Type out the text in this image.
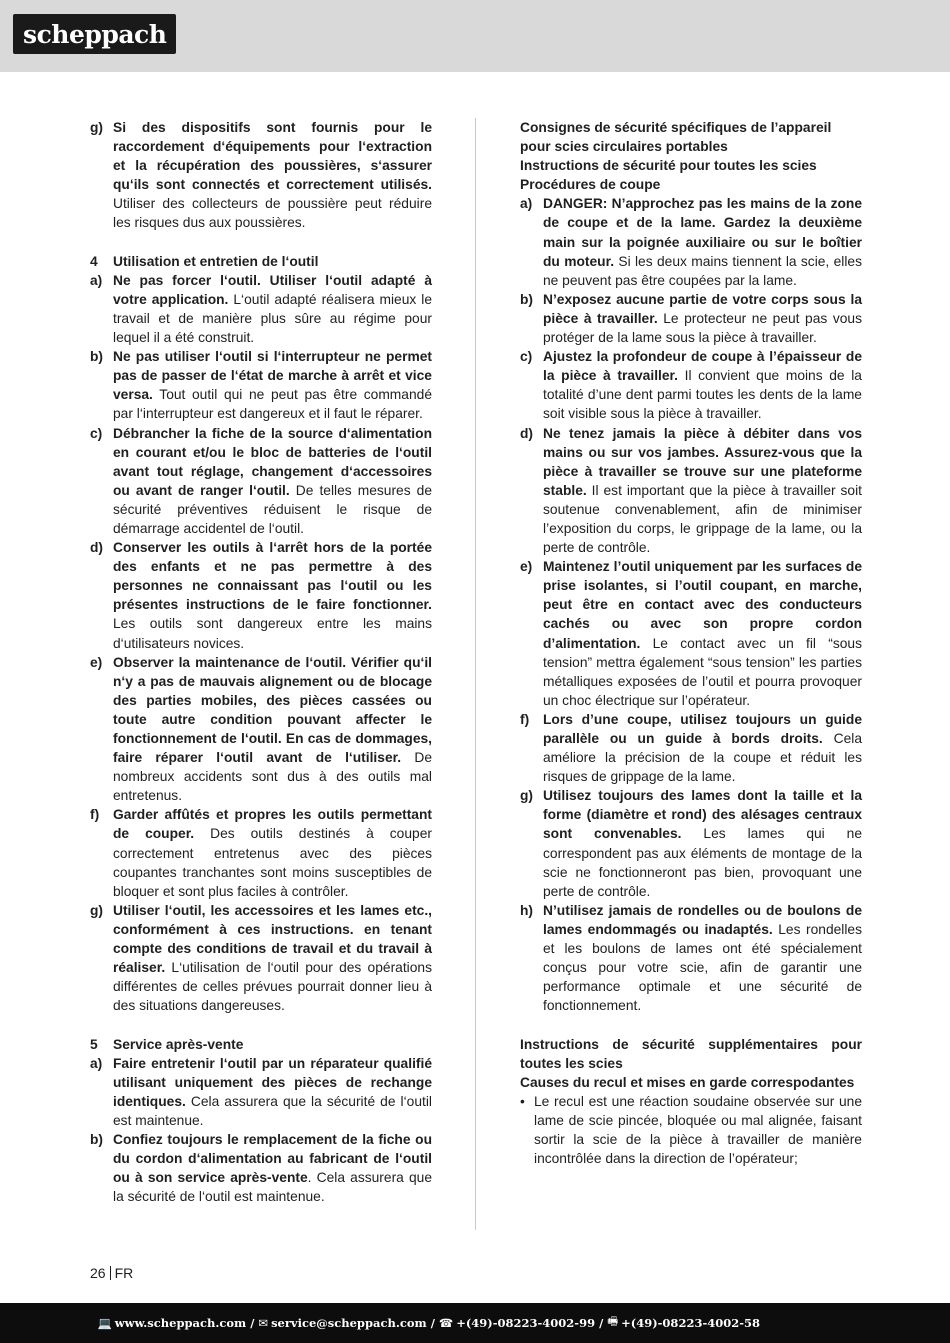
scheppach
g) Si des dispositifs sont fournis pour le raccordement d‘équipements pour l‘extraction et la récupération des poussières, s‘assurer qu‘ils sont connectés et correctement utilisés. Utiliser des collecteurs de poussière peut réduire les risques dus aux poussières.
4	Utilisation et entretien de l‘outil
a) Ne pas forcer l‘outil. Utiliser l‘outil adapté à votre application. L‘outil adapté réalisera mieux le travail et de manière plus sûre au régime pour lequel il a été construit.
b) Ne pas utiliser l‘outil si l‘interrupteur ne permet pas de passer de l‘état de marche à arrêt et vice versa. Tout outil qui ne peut pas être commandé par l‘interrupteur est dangereux et il faut le réparer.
c) Débrancher la fiche de la source d‘alimentation en courant et/ou le bloc de batteries de l‘outil avant tout réglage, changement d‘accessoires ou avant de ranger l‘outil. De telles mesures de sécurité préventives réduisent le risque de démarrage accidentel de l‘outil.
d) Conserver les outils à l‘arrêt hors de la portée des enfants et ne pas permettre à des personnes ne connaissant pas l‘outil ou les présentes instructions de le faire fonctionner. Les outils sont dangereux entre les mains d‘utilisateurs novices.
e) Observer la maintenance de l‘outil. Vérifier qu‘il n‘y a pas de mauvais alignement ou de blocage des parties mobiles, des pièces cassées ou toute autre condition pouvant affecter le fonctionnement de l‘outil. En cas de dommages, faire réparer l‘outil avant de l‘utiliser. De nombreux accidents sont dus à des outils mal entretenus.
f) Garder affûtés et propres les outils permettant de couper. Des outils destinés à couper correctement entretenus avec des pièces coupantes tranchantes sont moins susceptibles de bloquer et sont plus faciles à contrôler.
g) Utiliser l‘outil, les accessoires et les lames etc., conformément à ces instructions. en tenant compte des conditions de travail et du travail à réaliser. L‘utilisation de l‘outil pour des opérations différentes de celles prévues pourrait donner lieu à des situations dangereuses.
5	Service après-vente
a) Faire entretenir l‘outil par un réparateur qualifié utilisant uniquement des pièces de rechange identiques. Cela assurera que la sécurité de l‘outil est maintenue.
b) Confiez toujours le remplacement de la fiche ou du cordon d‘alimentation au fabricant de l‘outil ou à son service après-vente. Cela assurera que la sécurité de l‘outil est maintenue.
Consignes de sécurité spécifiques de l’appareil pour scies circulaires portables
Instructions de sécurité pour toutes les scies
Procédures de coupe
a) DANGER: N’approchez pas les mains de la zone de coupe et de la lame. Gardez la deuxième main sur la poignée auxiliaire ou sur le boîtier du moteur. Si les deux mains tiennent la scie, elles ne peuvent pas être coupées par la lame.
b) N’exposez aucune partie de votre corps sous la pièce à travailler. Le protecteur ne peut pas vous protéger de la lame sous la pièce à travailler.
c) Ajustez la profondeur de coupe à l’épaisseur de la pièce à travailler. Il convient que moins de la totalité d’une dent parmi toutes les dents de la lame soit visible sous la pièce à travailler.
d) Ne tenez jamais la pièce à débiter dans vos mains ou sur vos jambes. Assurez-vous que la pièce à travailler se trouve sur une plateforme stable. Il est important que la pièce à travailler soit soutenue convenablement, afin de minimiser l’exposition du corps, le grippage de la lame, ou la perte de contrôle.
e) Maintenez l’outil uniquement par les surfaces de prise isolantes, si l’outil coupant, en marche, peut être en contact avec des conducteurs cachés ou avec son propre cordon d’alimentation. Le contact avec un fil “sous tension” mettra également “sous tension” les parties métalliques exposées de l’outil et pourra provoquer un choc électrique sur l’opérateur.
f) Lors d’une coupe, utilisez toujours un guide parallèle ou un guide à bords droits. Cela améliore la précision de la coupe et réduit les risques de grippage de la lame.
g) Utilisez toujours des lames dont la taille et la forme (diamètre et rond) des alésages centraux sont convenables. Les lames qui ne correspondent pas aux éléments de montage de la scie ne fonctionneront pas bien, provoquant une perte de contrôle.
h) N’utilisez jamais de rondelles ou de boulons de lames endommagés ou inadaptés. Les rondelles et les boulons de lames ont été spécialement conçus pour votre scie, afin de garantir une performance optimale et une sécurité de fonctionnement.
Instructions de sécurité supplémentaires pour toutes les scies
Causes du recul et mises en garde correspodantes
• Le recul est une réaction soudaine observée sur une lame de scie pincée, bloquée ou mal alignée, faisant sortir la scie de la pièce à travailler de manière incontrôlée dans la direction de l’opérateur;
26 FR
💻 www.scheppach.com / ✉ service@scheppach.com / ☎ +(49)-08223-4002-99 / 🖷 +(49)-08223-4002-58
